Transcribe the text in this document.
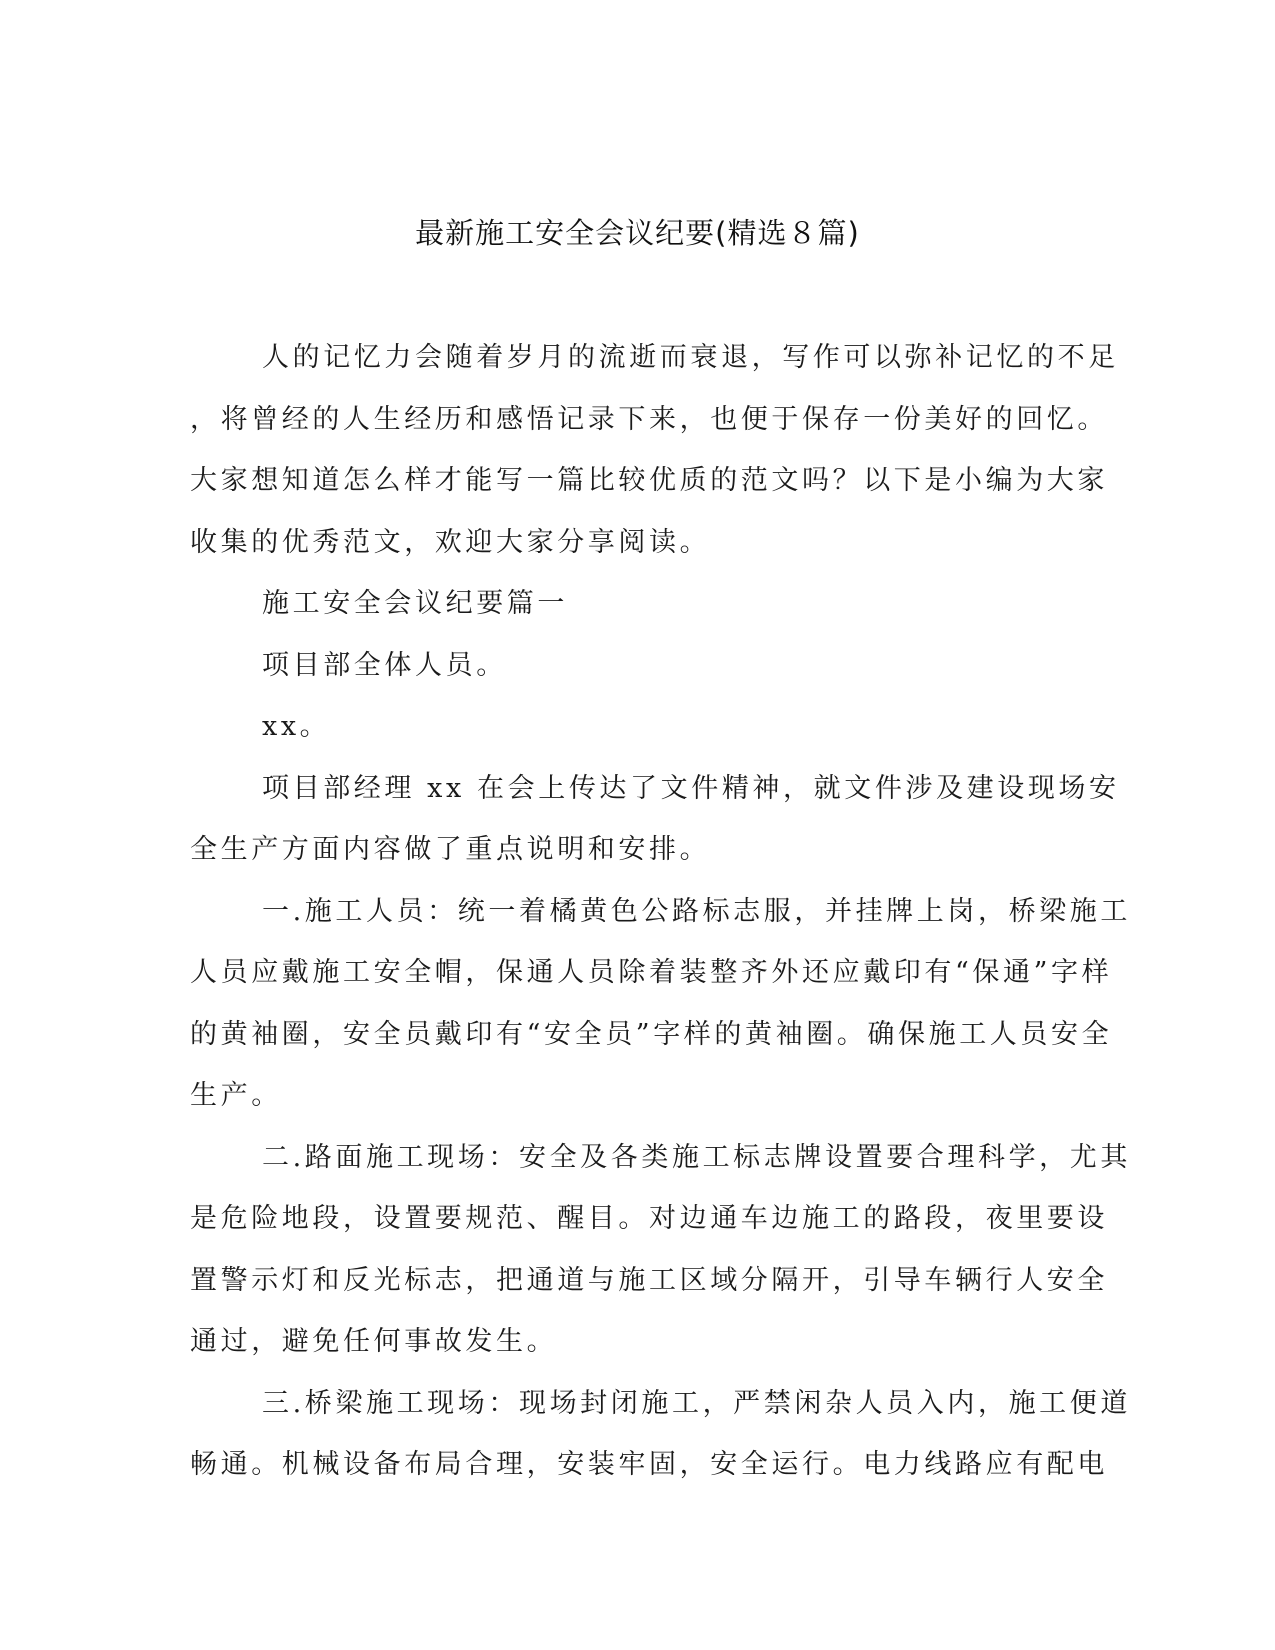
最新施工安全会议纪要(精选８篇)
人的记忆力会随着岁月的流逝而衰退，写作可以弥补记忆的不足
，将曾经的人生经历和感悟记录下来，也便于保存一份美好的回忆。
大家想知道怎么样才能写一篇比较优质的范文吗？以下是小编为大家
收集的优秀范文，欢迎大家分享阅读。
施工安全会议纪要篇一
项目部全体人员。
xx。
项目部经理 xx 在会上传达了文件精神，就文件涉及建设现场安
全生产方面内容做了重点说明和安排。
一.施工人员：统一着橘黄色公路标志服，并挂牌上岗，桥梁施工
人员应戴施工安全帽，保通人员除着装整齐外还应戴印有“保通”字样
的黄袖圈，安全员戴印有“安全员”字样的黄袖圈。确保施工人员安全
生产。
二.路面施工现场：安全及各类施工标志牌设置要合理科学，尤其
是危险地段，设置要规范、醒目。对边通车边施工的路段，夜里要设
置警示灯和反光标志，把通道与施工区域分隔开，引导车辆行人安全
通过，避免任何事故发生。
三.桥梁施工现场：现场封闭施工，严禁闲杂人员入内，施工便道
畅通。机械设备布局合理，安装牢固，安全运行。电力线路应有配电
